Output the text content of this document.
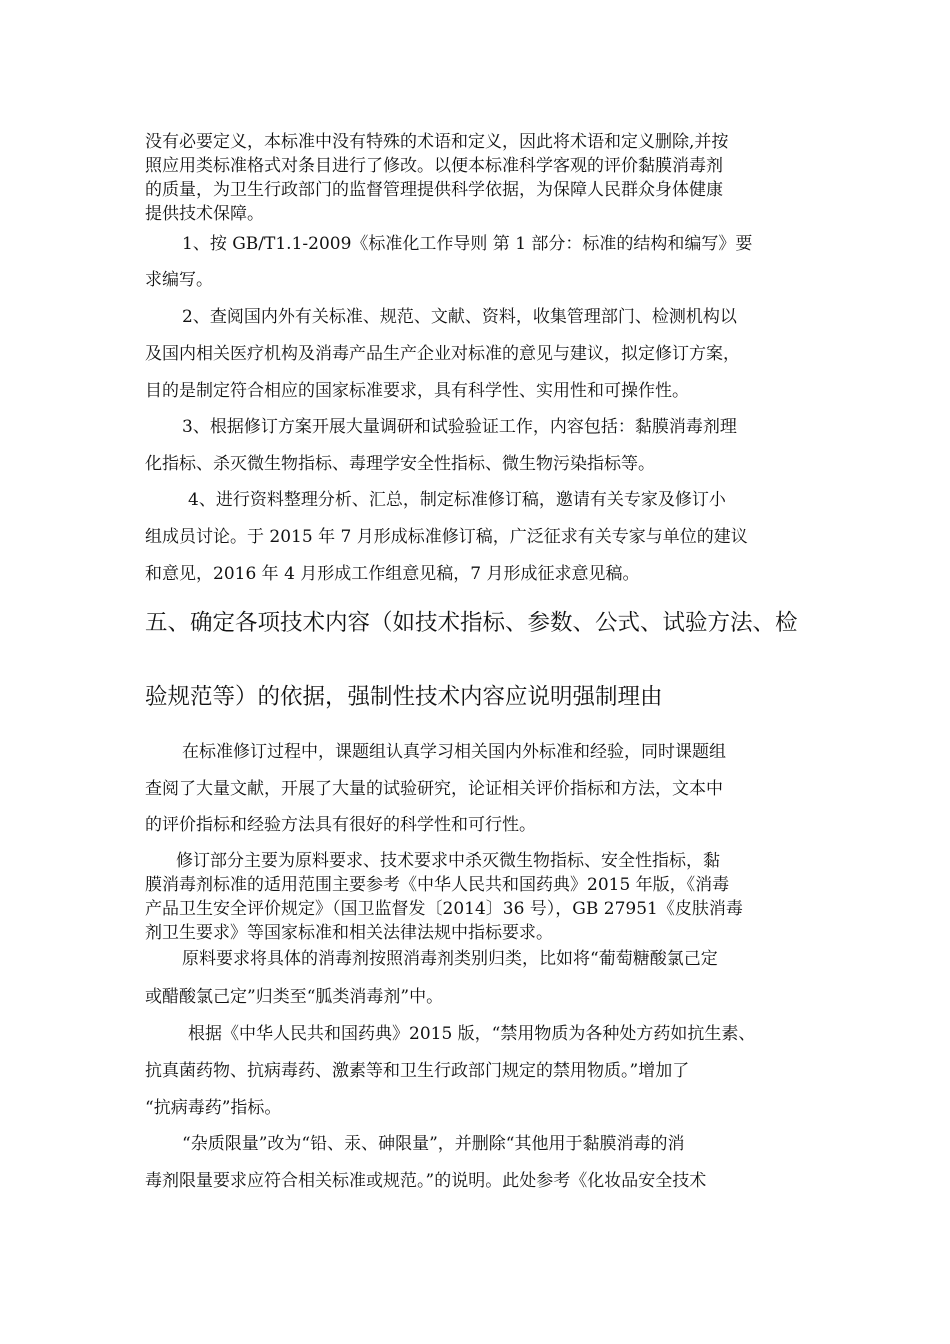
没有必要定义，本标准中没有特殊的术语和定义，因此将术语和定义删除,并按

照应用类标准格式对条目进行了修改。以便本标准科学客观的评价黏膜消毒剂

的质量，为卫生行政部门的监督管理提供科学依据，为保障人民群众身体健康

提供技术保障。

1、按 GB/T1.1-2009《标准化工作导则 第 1 部分：标准的结构和编写》要

求编写。

2、查阅国内外有关标准、规范、文献、资料，收集管理部门、检测机构以

及国内相关医疗机构及消毒产品生产企业对标准的意见与建议，拟定修订方案，

目的是制定符合相应的国家标准要求，具有科学性、实用性和可操作性。

3、根据修订方案开展大量调研和试验验证工作，内容包括：黏膜消毒剂理

化指标、杀灭微生物指标、毒理学安全性指标、微生物污染指标等。

4、进行资料整理分析、汇总，制定标准修订稿，邀请有关专家及修订小

组成员讨论。于 2015 年 7 月形成标准修订稿，广泛征求有关专家与单位的建议

和意见，2016 年 4 月形成工作组意见稿，7 月形成征求意见稿。

五、确定各项技术内容（如技术指标、参数、公式、试验方法、检

验规范等）的依据，强制性技术内容应说明强制理由

在标准修订过程中，课题组认真学习相关国内外标准和经验，同时课题组

查阅了大量文献，开展了大量的试验研究，论证相关评价指标和方法，文本中

的评价指标和经验方法具有很好的科学性和可行性。

修订部分主要为原料要求、技术要求中杀灭微生物指标、安全性指标，黏

膜消毒剂标准的适用范围主要参考《中华人民共和国药典》2015 年版，《消毒

产品卫生安全评价规定》（国卫监督发〔2014〕36 号），GB 27951《皮肤消毒

剂卫生要求》等国家标准和相关法律法规中指标要求。

原料要求将具体的消毒剂按照消毒剂类别归类，比如将“葡萄糖酸氯己定

或醋酸氯己定”归类至“胍类消毒剂”中。

根据《中华人民共和国药典》2015 版，“禁用物质为各种处方药如抗生素、

抗真菌药物、抗病毒药、激素等和卫生行政部门规定的禁用物质。”增加了

“抗病毒药”指标。

“杂质限量”改为“铅、汞、砷限量”，并删除“其他用于黏膜消毒的消

毒剂限量要求应符合相关标准或规范。”的说明。此处参考《化妆品安全技术
